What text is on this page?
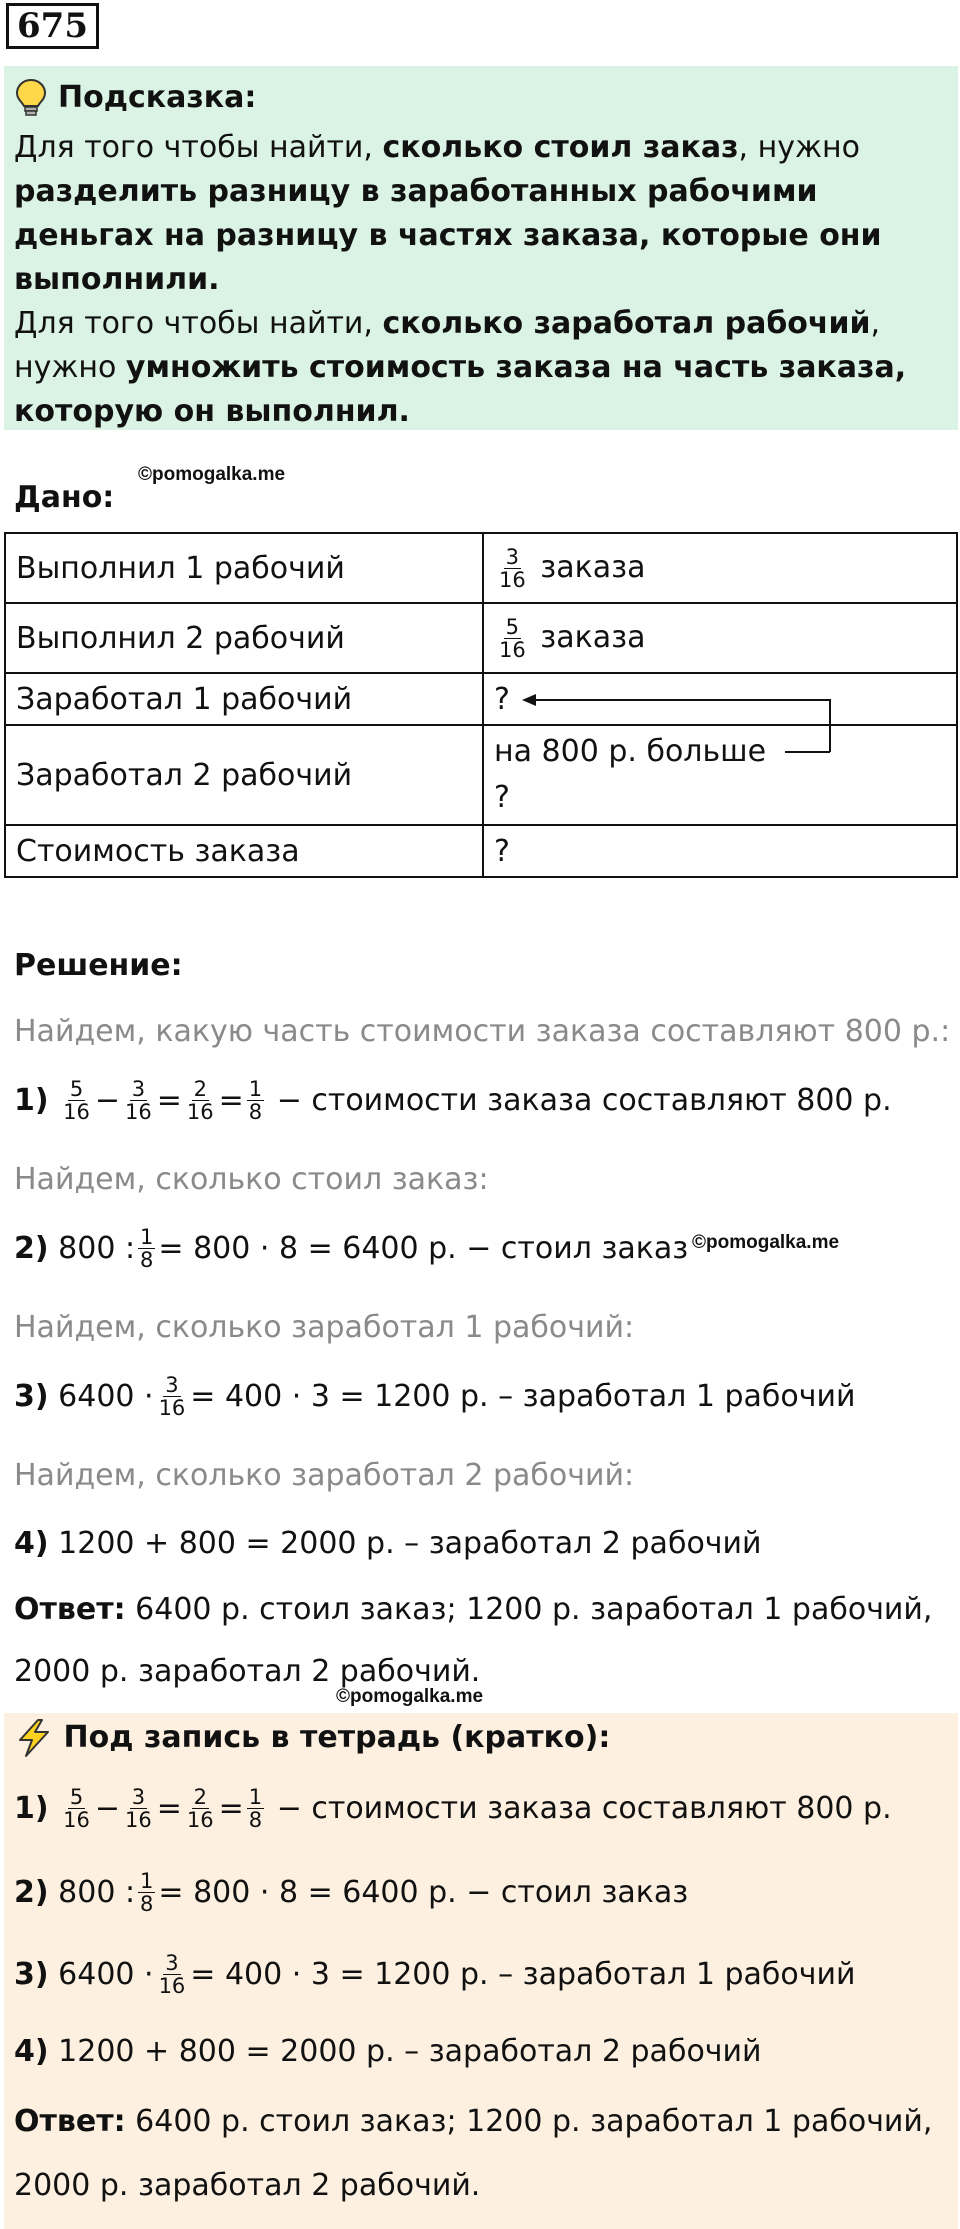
675
Подсказка:
Для того чтобы найти, сколько стоил заказ, нужно разделить разницу в заработанных рабочими деньгах на разницу в частях заказа, которые они выполнили.
Для того чтобы найти, сколько заработал рабочий, нужно умножить стоимость заказа на часть заказа, которую он выполнил.
Дано:
©pomogalka.me
Выполнил 1 рабочий	$\frac{3}{16}$ заказа
Выполнил 2 рабочий	$\frac{5}{16}$ заказа
Заработал 1 рабочий	?
Заработал 2 рабочий	на 800 р. больше
?

Стоимость заказа	?
Решение:
Найдем, какую часть стоимости заказа составляют 800 р.:
1)
$\frac{5}{16} - \frac{3}{16} = \frac{2}{16} = \frac{1}{8}$
− стоимости заказа составляют 800 р.
Найдем, сколько стоил заказ:
2)
800 : $\frac{1}{8} = 800 \cdot 8 = 6400$ р. − стоил заказ ©pomogalka.me
Найдем, сколько заработал 1 рабочий:
3)
$6400 \cdot \frac{3}{16} = 400 \cdot 3 = 1200$ р. – заработал 1 рабочий
Найдем, сколько заработал 2 рабочий:
4) 1200 + 800 = 2000 р. – заработал 2 рабочий
Ответ: 6400 р. стоил заказ; 1200 р. заработал 1 рабочий,
2000 р. заработал 2 рабочий.
©pomogalka.me

Под запись в тетрадь (кратко):
1)
$\frac{5}{16} - \frac{3}{16} = \frac{2}{16} = \frac{1}{8}$
− стоимости заказа составляют 800 р.
2)
800 : $\frac{1}{8} = 800 \cdot 8 = 6400$ р. − стоил заказ
3)
$6400 \cdot \frac{3}{16} = 400 \cdot 3 = 1200$ р. – заработал 1 рабочий
4) 1200 + 800 = 2000 р. – заработал 2 рабочий
Ответ: 6400 р. стоил заказ; 1200 р. заработал 1 рабочий,
2000 р. заработал 2 рабочий.
